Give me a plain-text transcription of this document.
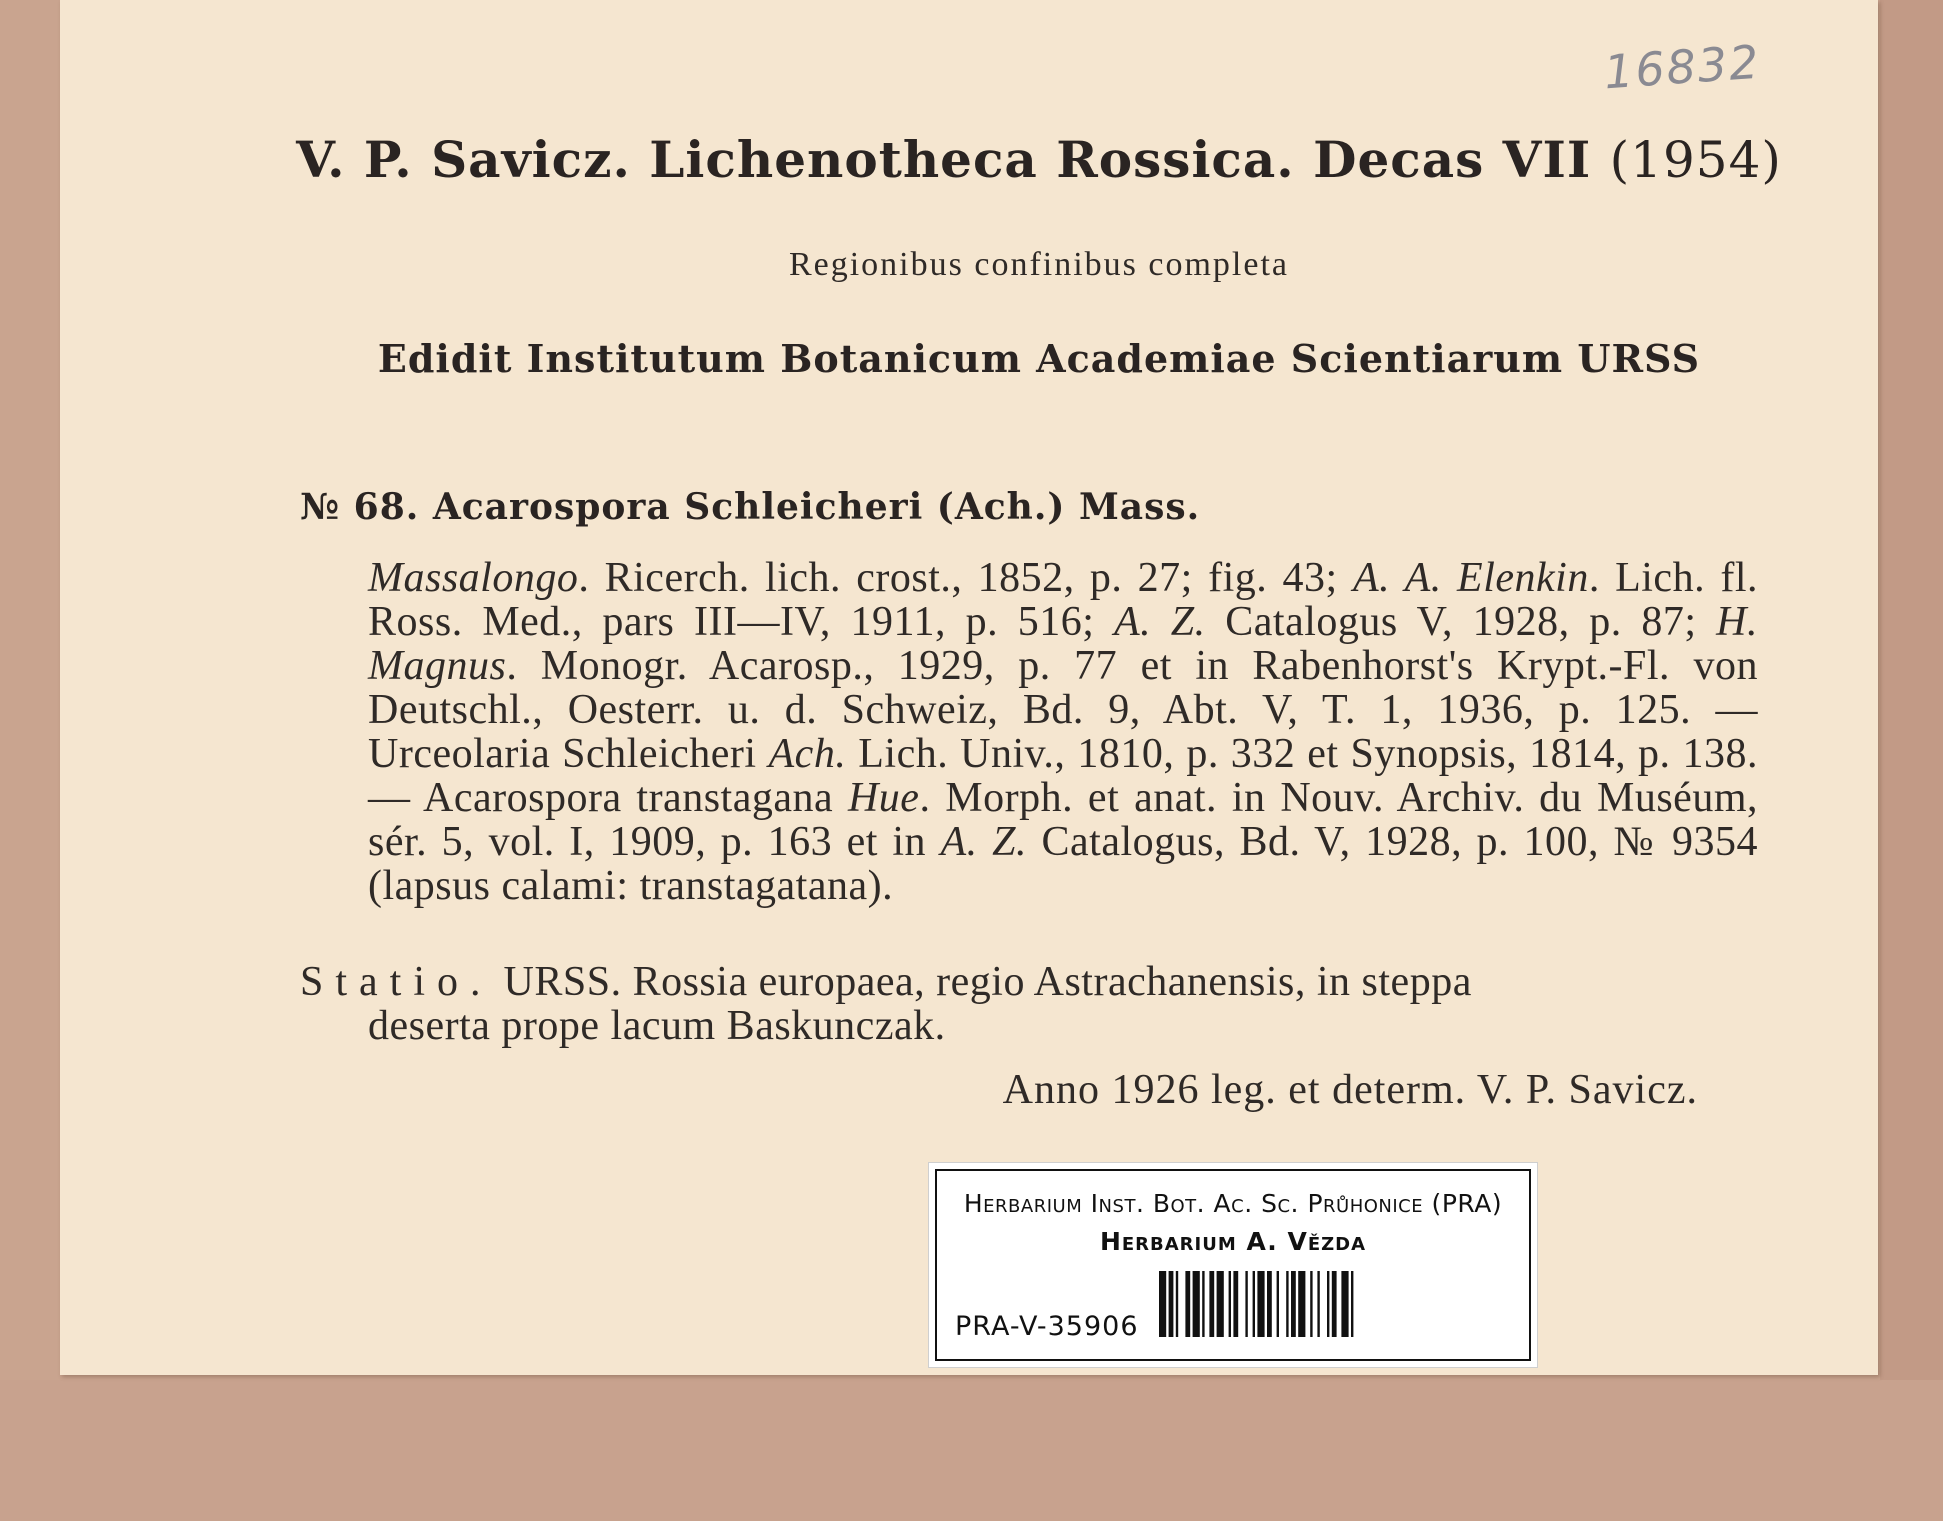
16832
V. P. Savicz. Lichenotheca Rossica. Decas VII (1954)
Regionibus confinibus completa
Edidit Institutum Botanicum Academiae Scientiarum URSS
№ 68. Acarospora Schleicheri (Ach.) Mass.
Massalongo. Ricerch. lich. crost., 1852, p. 27; fig. 43; A. A. Elenkin. Lich. fl. Ross. Med., pars III—IV, 1911, p. 516; A. Z. Catalogus V, 1928, p. 87; H. Magnus. Monogr. Acarosp., 1929, p. 77 et in Rabenhorst's Krypt.-Fl. von Deutschl., Oesterr. u. d. Schweiz, Bd. 9, Abt. V, T. 1, 1936, p. 125. — Urceolaria Schleicheri Ach. Lich. Univ., 1810, p. 332 et Synopsis, 1814, p. 138. — Acarospora transtagana Hue. Morph. et anat. in Nouv. Archiv. du Muséum, sér. 5, vol. I, 1909, p. 163 et in A. Z. Catalogus, Bd. V, 1928, p. 100, № 9354 (lapsus calami: transtagatana).
Statio. URSS. Rossia europaea, regio Astrachanensis, in steppa
deserta prope lacum Baskunczak.
Anno 1926 leg. et determ. V. P. Savicz.
Herbarium Inst. Bot. Ac. Sc. Průhonice (PRA)
Herbarium A. Vězda
PRA-V-35906
